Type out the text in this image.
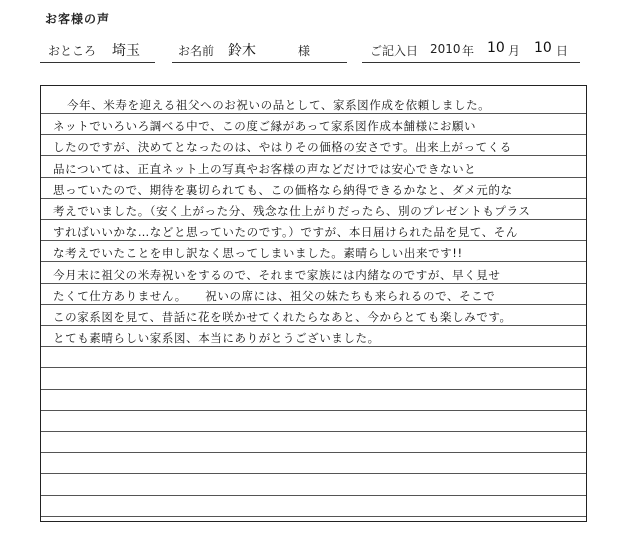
お客様の声
おところ 埼玉	お名前 鈴木	様	ご記入日 2010 年 10 月 10 日
今年、米寿を迎える祖父へのお祝いの品として、家系図作成を依頼しました。
ネットでいろいろ調べる中で、この度ご縁があって家系図作成本舗様にお願い
したのですが、決めてとなったのは、やはりその価格の安さです。出来上がってくる
品については、正直ネット上の写真やお客様の声などだけでは安心できないと
思っていたので、期待を裏切られても、この価格なら納得できるかなと、ダメ元的な
考えでいました。（安く上がった分、残念な仕上がりだったら、別のプレゼントもプラス
すればいいかな…などと思っていたのです。）ですが、本日届けられた品を見て、そん
な考えでいたことを申し訳なく思ってしまいました。素晴らしい出来です!!
今月末に祖父の米寿祝いをするので、それまで家族には内緒なのですが、早く見せ
たくて仕方ありません。　　祝いの席には、祖父の妹たちも来られるので、そこで
この家系図を見て、昔話に花を咲かせてくれたらなあと、今からとても楽しみです。
とても素晴らしい家系図、本当にありがとうございました。
